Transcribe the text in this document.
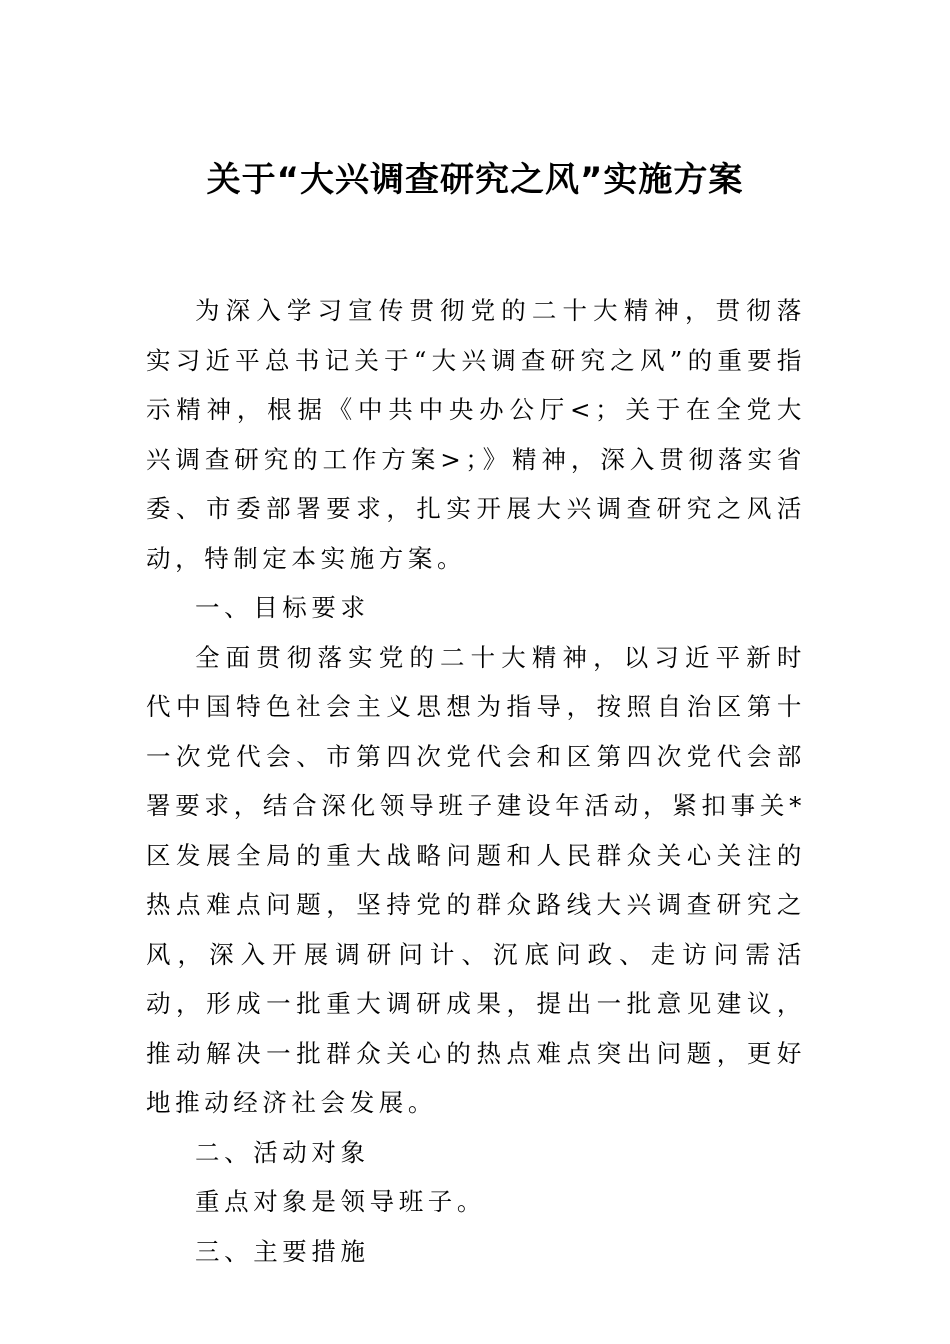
关于“大兴调查研究之风”实施方案

为深入学习宣传贯彻党的二十大精神，贯彻落实习近平总书记关于“大兴调查研究之风”的重要指示精神，根据《中共中央办公厅<；关于在全党大兴调查研究的工作方案>；》精神，深入贯彻落实省委、市委部署要求，扎实开展大兴调查研究之风活动，特制定本实施方案。

一、目标要求

全面贯彻落实党的二十大精神，以习近平新时代中国特色社会主义思想为指导，按照自治区第十一次党代会、市第四次党代会和区第四次党代会部署要求，结合深化领导班子建设年活动，紧扣事关*区发展全局的重大战略问题和人民群众关心关注的热点难点问题，坚持党的群众路线大兴调查研究之风，深入开展调研问计、沉底问政、走访问需活动，形成一批重大调研成果，提出一批意见建议，推动解决一批群众关心的热点难点突出问题，更好地推动经济社会发展。

二、活动对象

重点对象是领导班子。

三、主要措施
